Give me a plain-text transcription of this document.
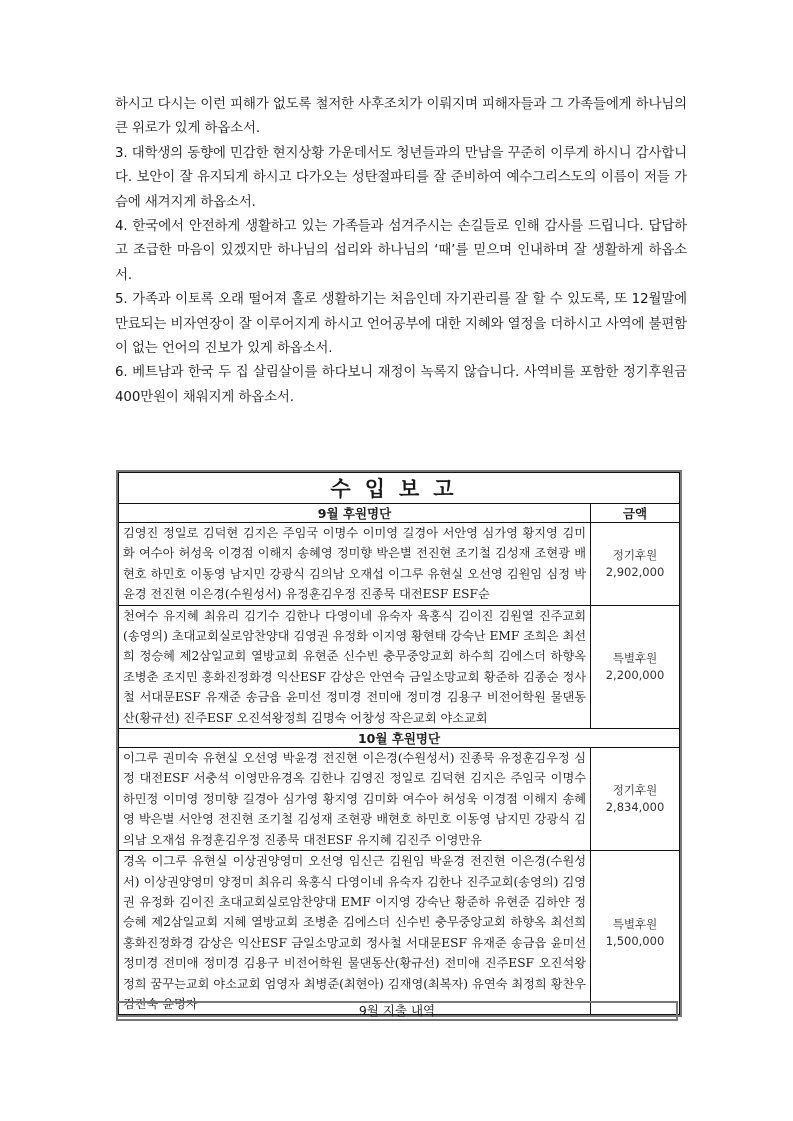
하시고 다시는 이런 피해가 없도록 철저한 사후조치가 이뤄지며 피해자들과 그 가족들에게 하나님의 큰 위로가 있게 하옵소서.

3. 대학생의 동향에 민감한 현지상황 가운데서도 청년들과의 만남을 꾸준히 이루게 하시니 감사합니다. 보안이 잘 유지되게 하시고 다가오는 성탄절파티를 잘 준비하여 예수그리스도의 이름이 저들 가슴에 새겨지게 하옵소서.

4. 한국에서 안전하게 생활하고 있는 가족들과 섬겨주시는 손길들로 인해 감사를 드립니다. 답답하고 조급한 마음이 있겠지만 하나님의 섭리와 하나님의 ‘때’를 믿으며 인내하며 잘 생활하게 하옵소서.

5. 가족과 이토록 오래 떨어져 홀로 생활하기는 처음인데 자기관리를 잘 할 수 있도록, 또 12월말에 만료되는 비자연장이 잘 이루어지게 하시고 언어공부에 대한 지혜와 열정을 더하시고 사역에 불편함이 없는 언어의 진보가 있게 하옵소서.

6. 베트남과 한국 두 집 살림살이를 하다보니 재정이 녹록지 않습니다. 사역비를 포함한 정기후원금 400만원이 채워지게 하옵소서.

수입보고	
9월 후원명단	금액
김영진 정일로 김덕현 김지은 주임국 이명수 이미영 길경아 서안영 심가영 황지영 김미화 여수아 허성욱 이경점 이해지 송혜영 정미향 박은별 전진현 조기철 김성재 조현광 배현호 하민호 이동영 남지민 강광식 김의남 오재섭 이그루 유현실 오선영 김원임 심정 박윤경 전진현 이은경(수원성서) 유정훈김우정 진종묵 대전ESF ESF순	정기후원
2,902,000

천여수 유지혜 최유리 김기수 김한나 다영이네 유숙자 육홍식 김이진 김원열 진주교회(송영의) 초대교회실로암찬양대 김영권 유정화 이지영 황현태 강숙난 EMF 조희은 최선희 정승혜 제2삼일교회 열방교회 유현준 신수빈 충무중앙교회 하수희 김에스더 하향옥 조병춘 조지민 홍화진정화경 익산ESF 감상은 안연숙 금일소망교회 황준하 김종순 정사철 서대문ESF 유재준 송금읍 윤미선 정미경 전미애 정미경 김용구 비전어학원 물댄동산(황규선) 진주ESF 오진석왕정희 김명숙 어창성 작은교회 야소교회	특별후원
2,200,000

10월 후원명단	
이그루 권미숙 유현실 오선영 박윤경 전진현 이은경(수원성서) 진종묵 유정훈김우정 심정 대전ESF 서충석 이영만유경옥 김한나 김영진 정일로 김덕현 김지은 주임국 이명수 하민정 이미영 정미향 길경아 심가영 황지영 김미화 여수아 허성욱 이경점 이해지 송혜영 박은별 서안영 전진현 조기철 김성재 조현광 배현호 하민호 이동영 남지민 강광식 김의남 오재섭 유정훈김우정 진종묵 대전ESF 유지혜 김진주 이영만유	정기후원
2,834,000

경옥 이그루 유현실 이상권양영미 오선영 임신근 김원임 박윤경 전진현 이은경(수원성서) 이상권양영미 양정미 최유리 육홍식 다영이네 유숙자 김한나 진주교회(송영의) 김영권 유정화 김이진 초대교회실로암찬양대 EMF 이지영 강숙난 황준하 유현준 김하얀 정승혜 제2삼일교회 지혜 열방교회 조병춘 김에스더 신수빈 충무중앙교회 하향옥 최선희 홍화진정화경 감상은 익산ESF 금일소망교회 정사철 서대문ESF 유재준 송금읍 윤미선 정미경 전미애 정미경 김용구 비전어학원 물댄동산(황규선) 전미애 진주ESF 오진석왕정희 꿈꾸는교회 야소교회 엄영자 최병준(최현아) 김재영(최복자) 유연숙 최정희 황찬우 김진숙 윤명자	특별후원
1,500,000
9월 지출 내역
